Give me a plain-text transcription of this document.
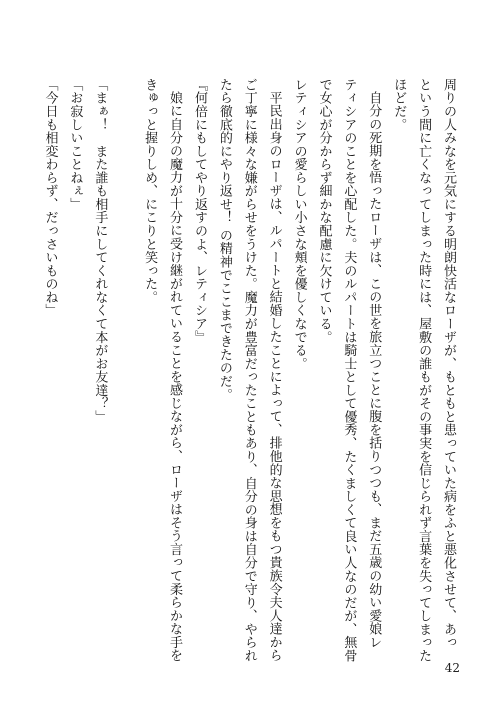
周りの人みなを元気にする明朗快活なローザが、もともと患っていた病をふと悪化させて、あっ
という間に亡くなってしまった時には、屋敷の誰もがその事実を信じられず言葉を失ってしまった
ほどだ。
自分の死期を悟ったローザは、この世を旅立つことに腹を括りつつも、まだ五歳の幼い愛娘レ
ティシアのことを心配した。夫のルパートは騎士として優秀、たくましくて良い人なのだが、無骨
で女心が分からず細かな配慮に欠けている。
レティシアの愛らしい小さな頬を優しくなでる。
平民出身のローザは、ルパートと結婚したことによって、排他的な思想をもつ貴族令夫人達から
ご丁寧に様々な嫌がらせをうけた。魔力が豊富だったこともあり、自分の身は自分で守り、やられ
たら徹底的にやり返せ！ の精神でここまできたのだ。
『何倍にもしてやり返すのよ、レティシア』
娘に自分の魔力が十分に受け継がれていることを感じながら、ローザはそう言って柔らかな手を
きゅっと握りしめ、にこりと笑った。
「まぁ！　また誰も相手にしてくれなくて本がお友達？」
「お寂しいことねぇ」
「今日も相変わらず、だっさいものね」
42
